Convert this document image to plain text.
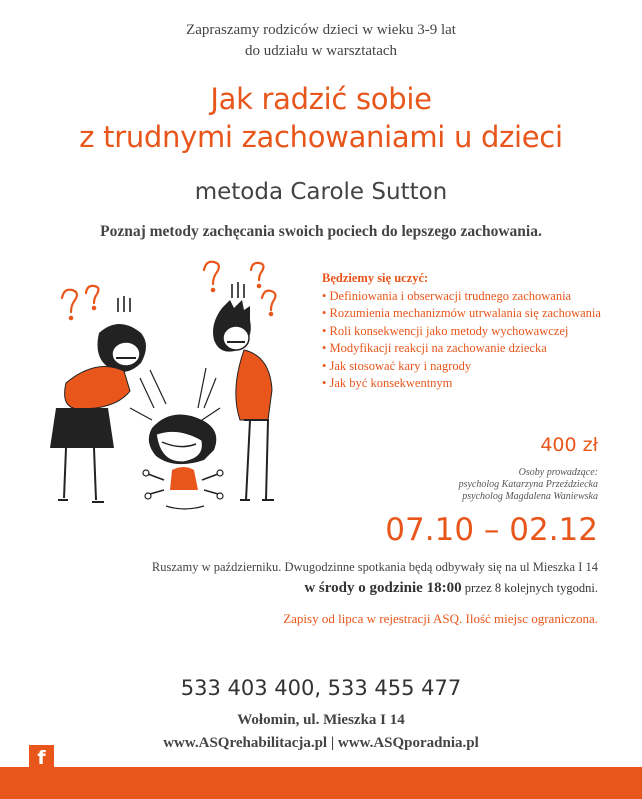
Zapraszamy rodziców dzieci w wieku 3-9 lat
do udziału w warsztatach
Jak radzić sobie
z trudnymi zachowaniami u dzieci
metoda Carole Sutton
Poznaj metody zachęcania swoich pociech do lepszego zachowania.
Będziemy się uczyć:
• Definiowania i obserwacji trudnego zachowania
• Rozumienia mechanizmów utrwalania się zachowania
• Roli konsekwencji jako metody wychowawczej
• Modyfikacji reakcji na zachowanie dziecka
• Jak stosować kary i nagrody
• Jak być konsekwentnym
400 zł
Osoby prowadzące:
psycholog Katarzyna Przeździecka
psycholog Magdalena Waniewska
07.10 – 02.12
Ruszamy w październiku. Dwugodzinne spotkania będą odbywały się na ul Mieszka I 14
w środy o godzinie 18:00 przez 8 kolejnych tygodni.
Zapisy od lipca w rejestracji ASQ. Ilość miejsc ograniczona.
533 403 400, 533 455 477
Wołomin, ul. Mieszka I 14
www.ASQrehabilitacja.pl | www.ASQporadnia.pl
f
